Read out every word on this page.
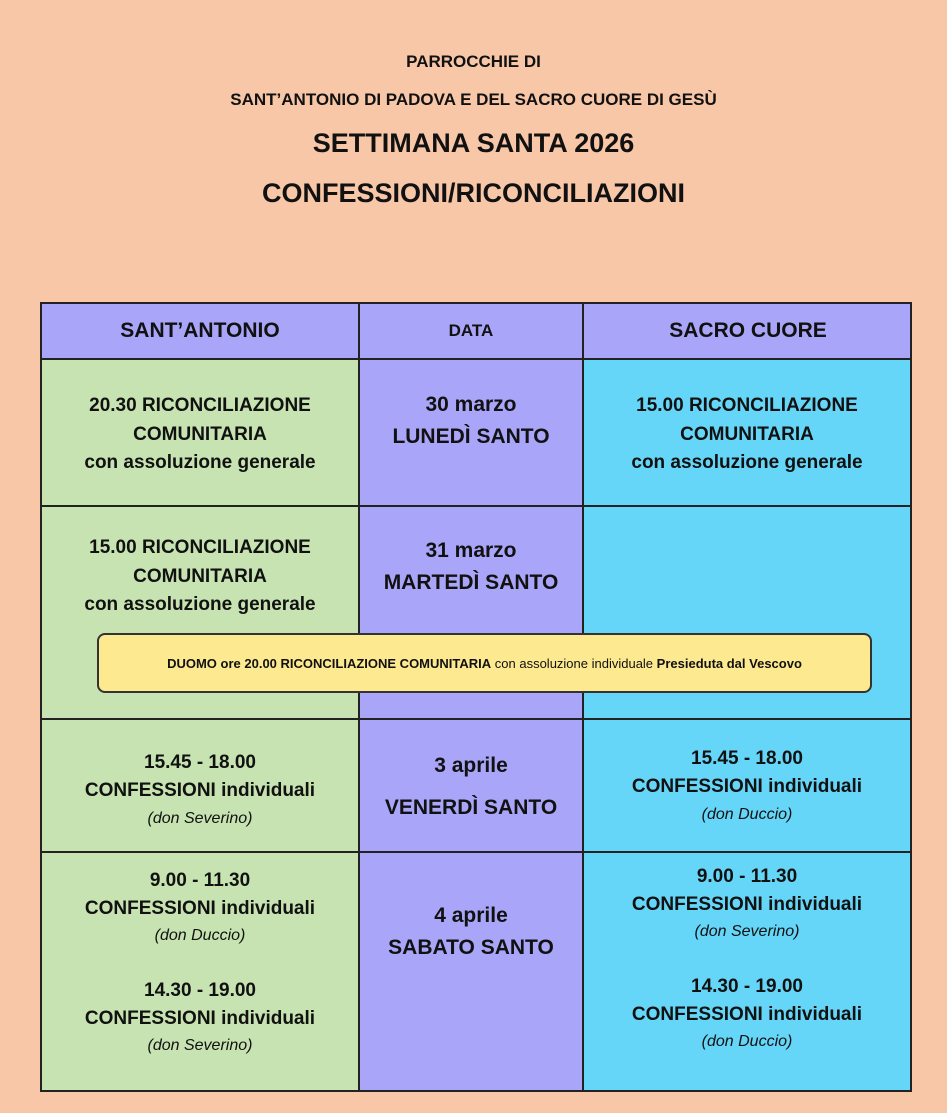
PARROCCHIE DI
SANT’ANTONIO DI PADOVA E DEL SACRO CUORE DI GESÙ
SETTIMANA SANTA 2026
CONFESSIONI/RICONCILIAZIONI
SANT’ANTONIO	DATA	SACRO CUORE
20.30 RICONCILIAZIONE
COMUNITARIA
con assoluzione generale
30 marzo
LUNEDÌ SANTO
15.00 RICONCILIAZIONE
COMUNITARIA
con assoluzione generale
15.00 RICONCILIAZIONE
COMUNITARIA
con assoluzione generale
31 marzo
MARTEDÌ SANTO
15.45 - 18.00
CONFESSIONI individuali
(don Severino)
3 aprile
VENERDÌ SANTO
15.45 - 18.00
CONFESSIONI individuali
(don Duccio)
9.00 - 11.30
CONFESSIONI individuali
(don Duccio)
14.30 - 19.00
CONFESSIONI individuali
(don Severino)
4 aprile
SABATO SANTO
9.00 - 11.30
CONFESSIONI individuali
(don Severino)
14.30 - 19.00
CONFESSIONI individuali
(don Duccio)
DUOMO ore 20.00 RICONCILIAZIONE COMUNITARIA con assoluzione individuale Presieduta dal Vescovo
